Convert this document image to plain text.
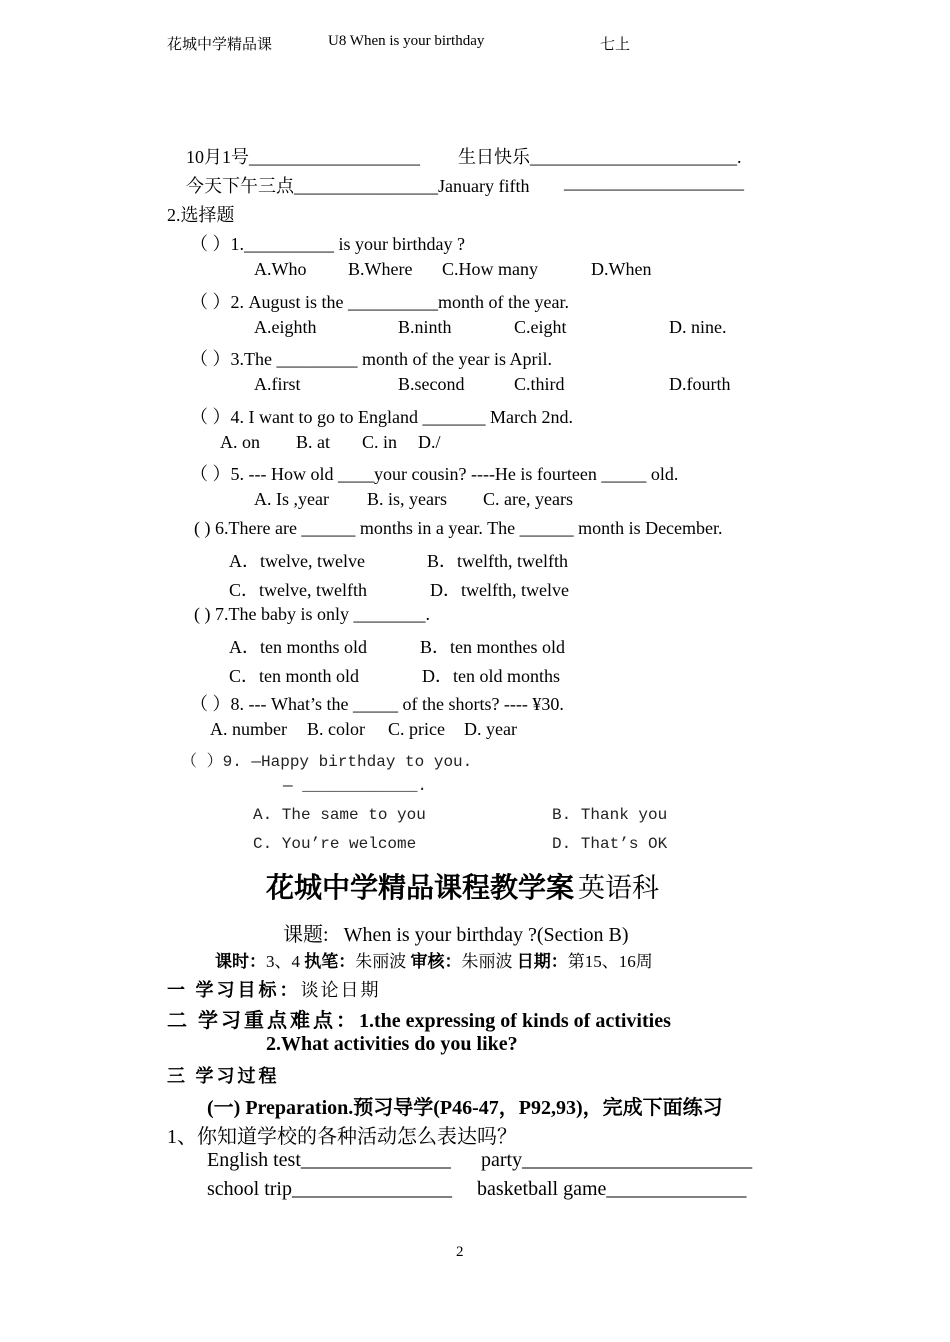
花城中学精品课	U8 When is your birthday	七上
10月1号___________________ 生日快乐_______________________.
今天下午三点________________January fifth ____________________
2.选择题
（ ）1.__________ is your birthday ?
A.Who B.Where C.How many	D.When
（ ）2. August is the __________month of the year.
A.eighth	B.ninth	C.eight	D. nine.
（ ）3.The _________ month of the year is April.
A.first	B.second	C.third	D.fourth
（ ）4. I want to go to England _______ March 2nd.
A. on B. at C. in D./
（ ）5. --- How old ____your cousin? ----He is fourteen _____ old.
A. Is ,year B. is, years C. are, years
( ) 6.There are ______ months in a year. The ______ month is December.
A．twelve, twelve	B．twelfth, twelfth
C．twelve, twelfth	D．twelfth, twelve
( ) 7.The baby is only ________.
A．ten months old	B．ten monthes old
C．ten month old	D．ten old months
（ ）8. --- What’s the _____ of the shorts? ---- ¥30.
A. number B. color C. price D. year
（ ）9. —Happy birthday to you.
— ____________.
A. The same to you	B. Thank you
C. You’re welcome	D. That’s OK
花城中学精品课程教学案 英语科
课题: When is your birthday ?(Section B)
课时：3、4 执笔：朱丽波 审核：朱丽波 日期：第15、16周
一 学习目标：谈论日期
二 学习重点难点：1.the expressing of kinds of activities
2.What activities do you like?
三 学习过程
(一) Preparation.预习导学(P46-47，P92,93)，完成下面练习
1、你知道学校的各种活动怎么表达吗？
English test_______________ party_______________________
school trip________________ basketball game______________
2
